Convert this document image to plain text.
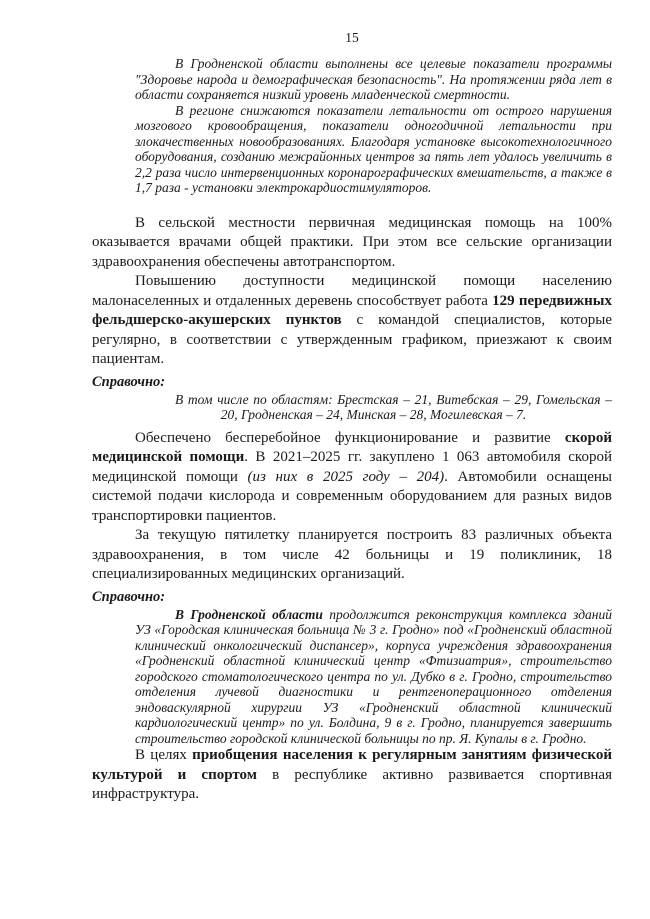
15

В Гродненской области выполнены все целевые показатели программы "Здоровье народа и демографическая безопасность". На протяжении ряда лет в области сохраняется низкий уровень младенческой смертности.

В регионе снижаются показатели летальности от острого нарушения мозгового кровообращения, показатели одногодичной летальности при злокачественных новообразованиях. Благодаря установке высокотехнологичного оборудования, созданию межрайонных центров за пять лет удалось увеличить в 2,2 раза число интервенционных коронарографических вмешательств, а также в 1,7 раза - установки электрокардиостимуляторов.

В сельской местности первичная медицинская помощь на 100% оказывается врачами общей практики. При этом все сельские организации здравоохранения обеспечены автотранспортом.

Повышению доступности медицинской помощи населению малонаселенных и отдаленных деревень способствует работа 129 передвижных фельдшерско-акушерских пунктов с командой специалистов, которые регулярно, в соответствии с утвержденным графиком, приезжают к своим пациентам.

Справочно:

В том числе по областям: Брестская – 21, Витебская – 29, Гомельская – 20, Гродненская – 24, Минская – 28, Могилевская – 7.

Обеспечено бесперебойное функционирование и развитие скорой медицинской помощи. В 2021–2025 гг. закуплено 1 063 автомобиля скорой медицинской помощи (из них в 2025 году – 204). Автомобили оснащены системой подачи кислорода и современным оборудованием для разных видов транспортировки пациентов.

За текущую пятилетку планируется построить 83 различных объекта здравоохранения, в том числе 42 больницы и 19 поликлиник, 18 специализированных медицинских организаций.

Справочно:

В Гродненской области продолжится реконструкция комплекса зданий УЗ «Городская клиническая больница № 3 г. Гродно» под «Гродненский областной клинический онкологический диспансер», корпуса учреждения здравоохранения «Гродненский областной клинический центр «Фтизиатрия», строительство городского стоматологического центра по ул. Дубко в г. Гродно, строительство отделения лучевой диагностики и рентгеноперационного отделения эндоваскулярной хирургии УЗ «Гродненский областной клинический кардиологический центр» по ул. Болдина, 9 в г. Гродно, планируется завершить строительство городской клинической больницы по пр. Я. Купалы в г. Гродно.

В целях приобщения населения к регулярным занятиям физической культурой и спортом в республике активно развивается спортивная инфраструктура.
